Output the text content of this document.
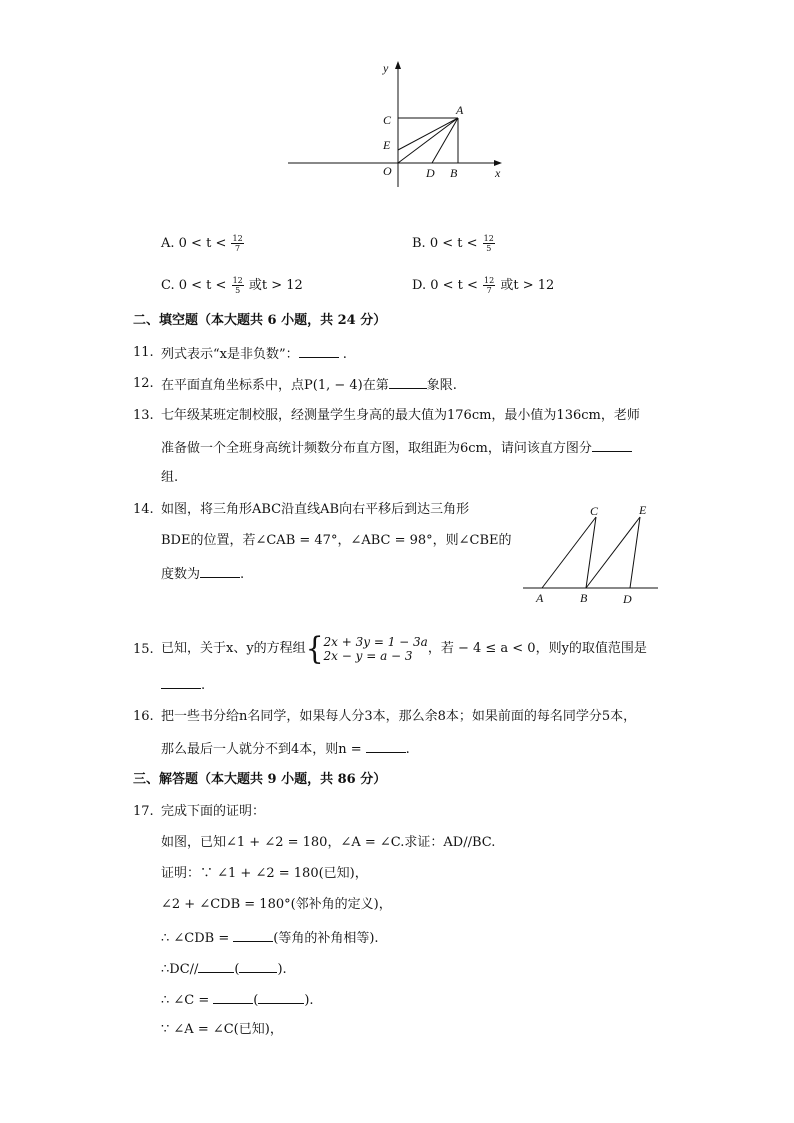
y
C
A
E
O	D B	x
A. $0 < t < \frac{12}{7}$	B. $0 < t < \frac{12}{5}$
C. $0 < t < \frac{12}{5}$ 或t > 12	D. $0 < t < \frac{12}{7}$ 或t > 12
二、填空题（本大题共 6 小题，共 24 分）
11. 列式表示“x是非负数”：	.
12. 在平面直角坐标系中，点P(1, − 4)在第	象限.
13. 七年级某班定制校服，经测量学生身高的最大值为176cm，最小值为136cm，老师
准备做一个全班身高统计频数分布直方图，取组距为6cm，请问该直方图分
组.
14. 如图，将三角形ABC沿直线AB向右平移后到达三角形
BDE的位置，若∠CAB = 47°，∠ABC = 98°，则∠CBE的
度数为	.
C	E
A	B	D
15. 已知，关于x、y的方程组{ 2x + 3y = 1 − 3a
2x − y = a − 3	，若 − 4 ≤ a < 0，则y的取值范围是
.
16. 把一些书分给n名同学，如果每人分3本，那么余8本；如果前面的每名同学分5本，
那么最后一人就分不到4本，则n =	.
三、解答题（本大题共 9 小题，共 86 分）
17. 完成下面的证明：
如图，已知∠1 + ∠2 = 180，∠A = ∠C.求证：AD//BC.
证明：∵ ∠1 + ∠2 = 180(已知)，
∠2 + ∠CDB = 180°(邻补角的定义)，
∴ ∠CDB =	(等角的补角相等).
∴DC//	(	).
∴ ∠C =	(	).
∵ ∠A = ∠C(已知)，
